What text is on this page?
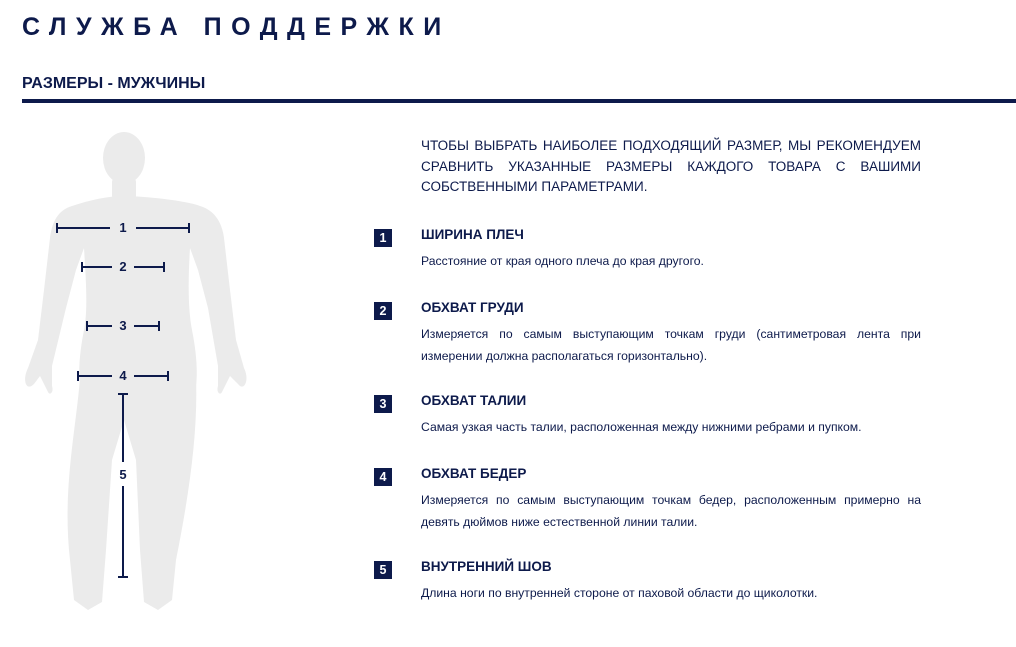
СЛУЖБА ПОДДЕРЖКИ
РАЗМЕРЫ - МУЖЧИНЫ
1
2
3
4
5
ЧТОБЫ ВЫБРАТЬ НАИБОЛЕЕ ПОДХОДЯЩИЙ РАЗМЕР, МЫ РЕКОМЕНДУЕМ СРАВНИТЬ УКАЗАННЫЕ РАЗМЕРЫ КАЖДОГО ТОВАРА С ВАШИМИ СОБСТВЕННЫМИ ПАРАМЕТРАМИ.
1	ШИРИНА ПЛЕЧ
Расстояние от края одного плеча до края другого.
2	ОБХВАТ ГРУДИ
Измеряется по самым выступающим точкам груди (сантиметровая лента при измерении должна располагаться горизонтально).
3	ОБХВАТ ТАЛИИ
Самая узкая часть талии, расположенная между нижними ребрами и пупком.
4	ОБХВАТ БЕДЕР
Измеряется по самым выступающим точкам бедер, расположенным примерно на девять дюймов ниже естественной линии талии.
5	ВНУТРЕННИЙ ШОВ
Длина ноги по внутренней стороне от паховой области до щиколотки.
